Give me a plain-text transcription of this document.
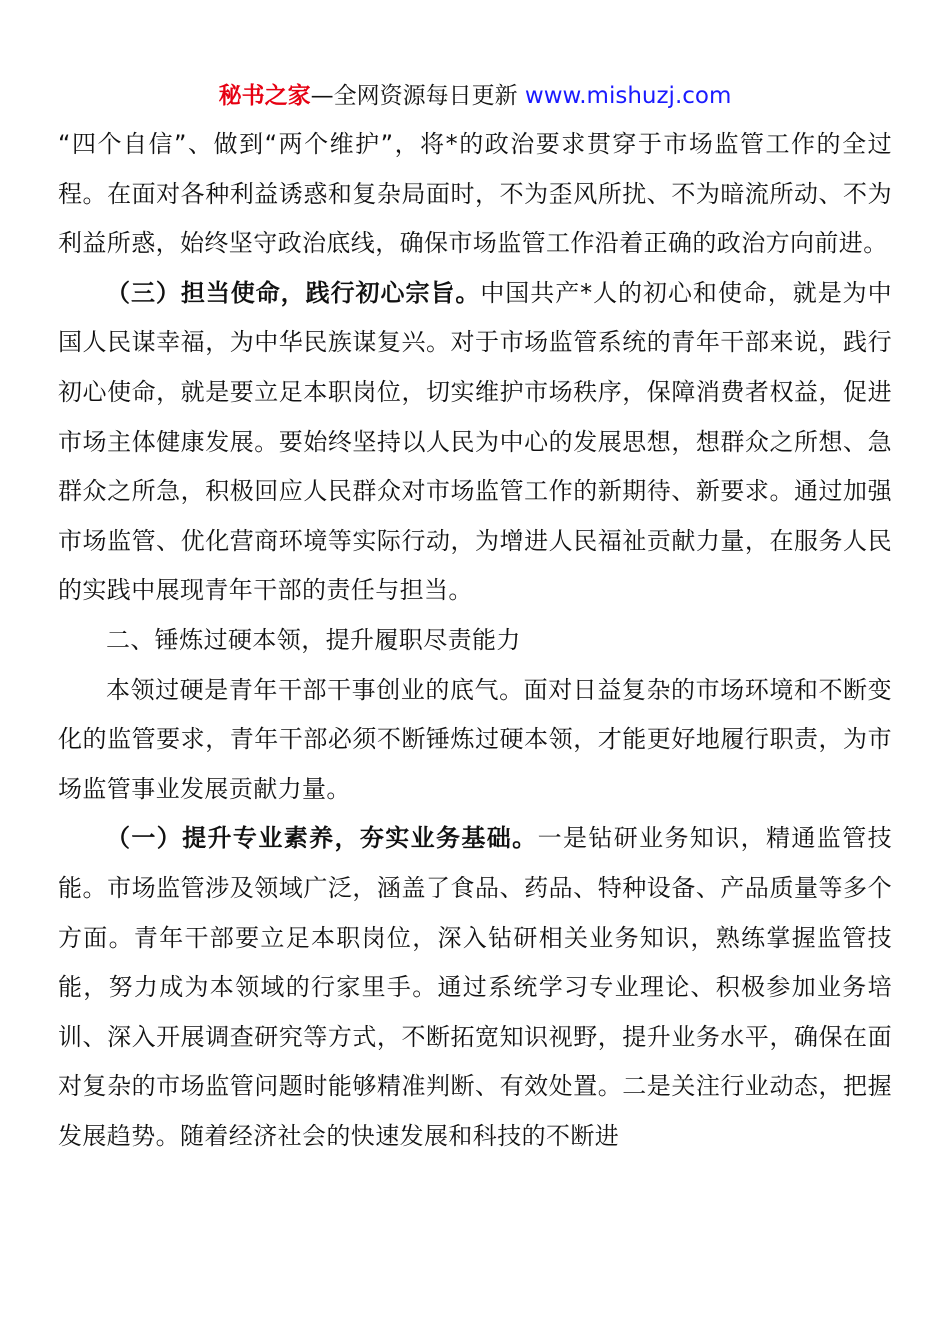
秘书之家—全网资源每日更新 www.mishuzj.com

“四个自信”、做到“两个维护”，将*的政治要求贯穿于市场监管工作的全过程。在面对各种利益诱惑和复杂局面时，不为歪风所扰、不为暗流所动、不为利益所惑，始终坚守政治底线，确保市场监管工作沿着正确的政治方向前进。

（三）担当使命，践行初心宗旨。中国共产*人的初心和使命，就是为中国人民谋幸福，为中华民族谋复兴。对于市场监管系统的青年干部来说，践行初心使命，就是要立足本职岗位，切实维护市场秩序，保障消费者权益，促进市场主体健康发展。要始终坚持以人民为中心的发展思想，想群众之所想、急群众之所急，积极回应人民群众对市场监管工作的新期待、新要求。通过加强市场监管、优化营商环境等实际行动，为增进人民福祉贡献力量，在服务人民的实践中展现青年干部的责任与担当。

二、锤炼过硬本领，提升履职尽责能力

本领过硬是青年干部干事创业的底气。面对日益复杂的市场环境和不断变化的监管要求，青年干部必须不断锤炼过硬本领，才能更好地履行职责，为市场监管事业发展贡献力量。

（一）提升专业素养，夯实业务基础。一是钻研业务知识，精通监管技能。市场监管涉及领域广泛，涵盖了食品、药品、特种设备、产品质量等多个方面。青年干部要立足本职岗位，深入钻研相关业务知识，熟练掌握监管技能，努力成为本领域的行家里手。通过系统学习专业理论、积极参加业务培训、深入开展调查研究等方式，不断拓宽知识视野，提升业务水平，确保在面对复杂的市场监管问题时能够精准判断、有效处置。二是关注行业动态，把握发展趋势。随着经济社会的快速发展和科技的不断进
